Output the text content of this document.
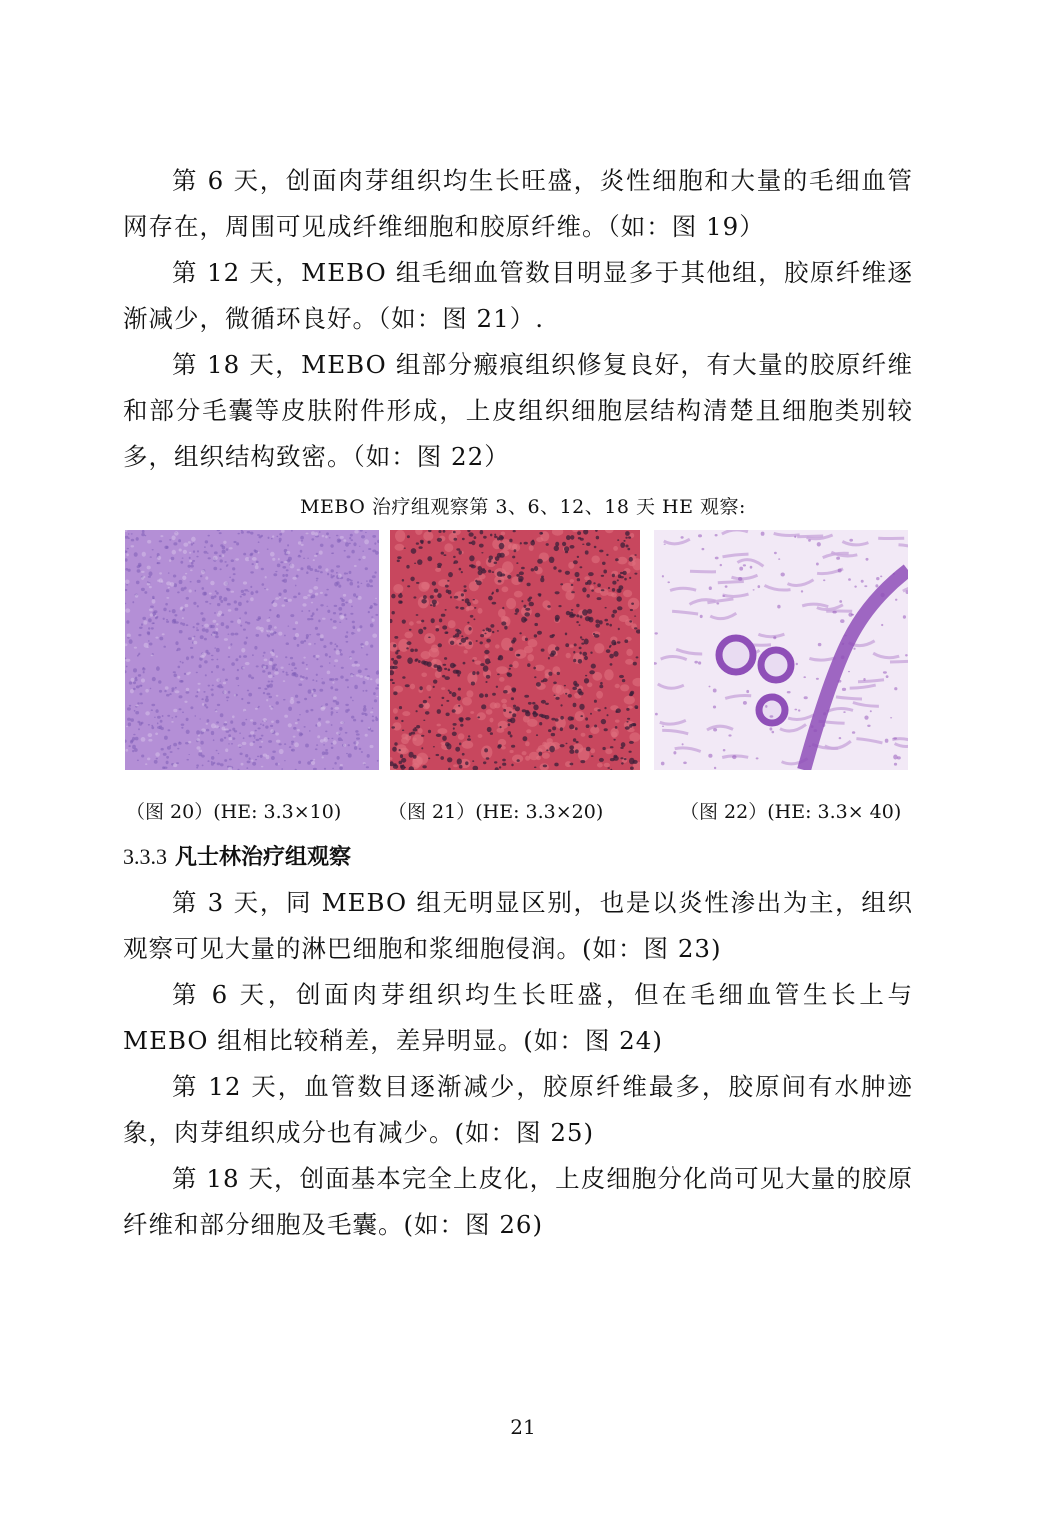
第 6 天，创面肉芽组织均生长旺盛，炎性细胞和大量的毛细血管网存在，周围可见成纤维细胞和胶原纤维。（如：图 19）

第 12 天，MEBO 组毛细血管数目明显多于其他组，胶原纤维逐渐减少，微循环良好。（如：图 21）.

第 18 天，MEBO 组部分瘢痕组织修复良好，有大量的胶原纤维和部分毛囊等皮肤附件形成，上皮组织细胞层结构清楚且细胞类别较多，组织结构致密。（如：图 22）

MEBO 治疗组观察第 3、6、12、18 天 HE 观察:
（图 20）(HE: 3.3×10) （图 21）(HE: 3.3×20)	（图 22）(HE: 3.3× 40)
3.3.3 凡士林治疗组观察

第 3 天，同 MEBO 组无明显区别，也是以炎性渗出为主，组织观察可见大量的淋巴细胞和浆细胞侵润。(如：图 23)

第 6 天，创面肉芽组织均生长旺盛，但在毛细血管生长上与 MEBO 组相比较稍差，差异明显。(如：图 24)

第 12 天，血管数目逐渐减少，胶原纤维最多，胶原间有水肿迹象，肉芽组织成分也有减少。(如：图 25)

第 18 天，创面基本完全上皮化，上皮细胞分化尚可见大量的胶原纤维和部分细胞及毛囊。(如：图 26)

21
